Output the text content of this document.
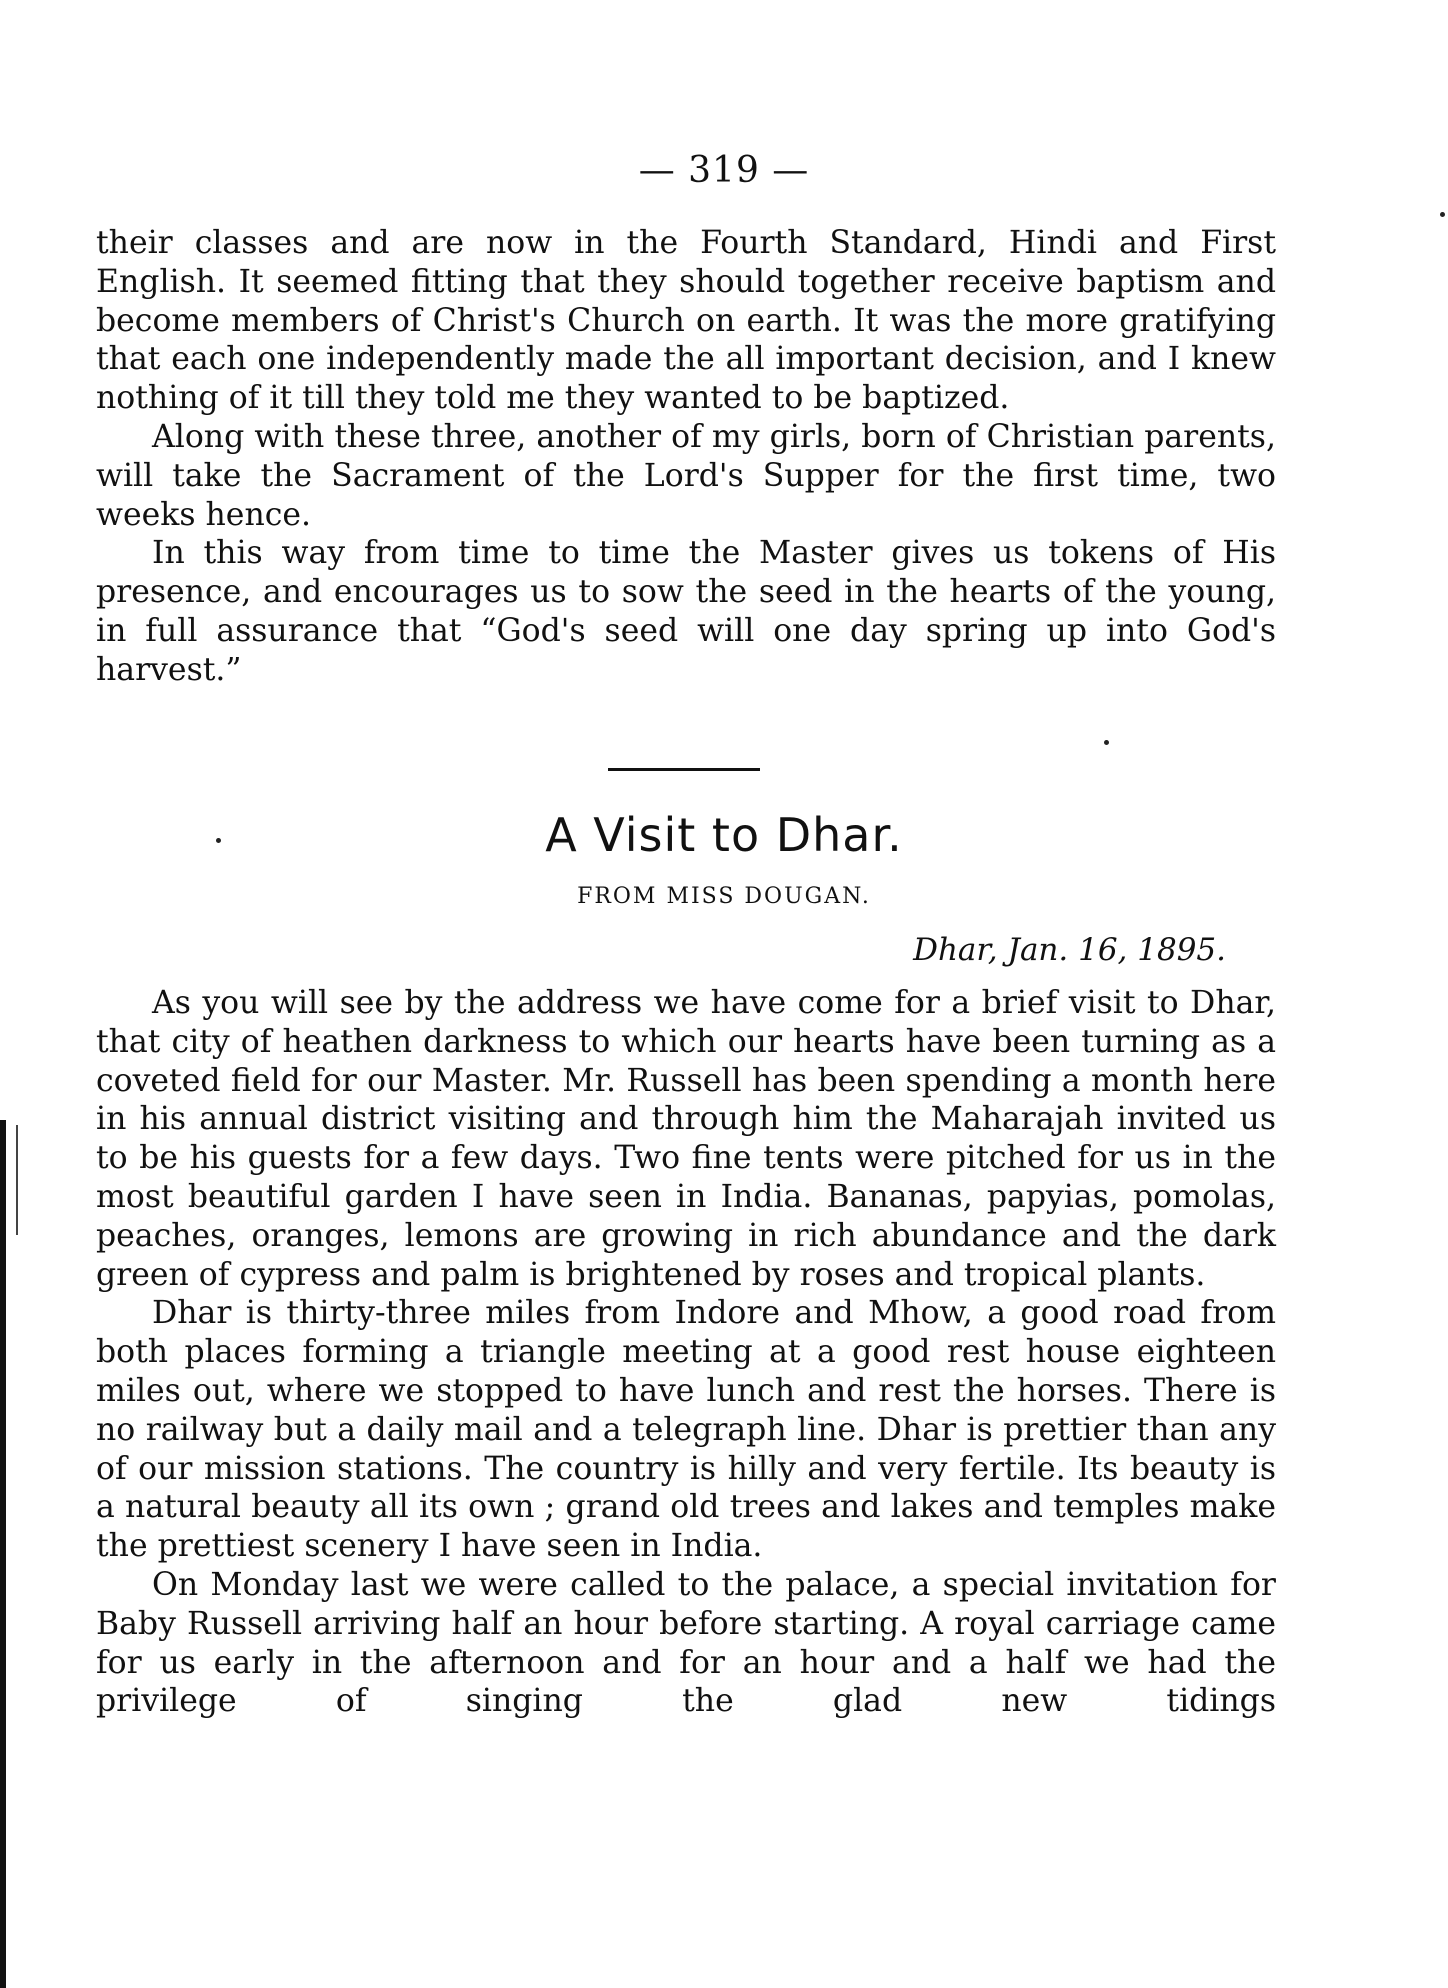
— 319 —

their classes and are now in the Fourth Standard, Hindi and First English. It seemed fitting that they should together receive baptism and become members of Christ's Church on earth. It was the more gratifying that each one independently made the all important decision, and I knew nothing of it till they told me they wanted to be baptized.

Along with these three, another of my girls, born of Christian parents, will take the Sacrament of the Lord's Supper for the first time, two weeks hence.

In this way from time to time the Master gives us tokens of His presence, and encourages us to sow the seed in the hearts of the young, in full assurance that “God's seed will one day spring up into God's harvest.”

A Visit to Dhar.
FROM MISS DOUGAN.
Dhar, Jan. 16, 1895.

As you will see by the address we have come for a brief visit to Dhar, that city of heathen darkness to which our hearts have been turning as a coveted field for our Master. Mr. Russell has been spending a month here in his annual district visiting and through him the Maharajah invited us to be his guests for a few days. Two fine tents were pitched for us in the most beautiful garden I have seen in India. Bananas, papyias, pomolas, peaches, oranges, lemons are growing in rich abundance and the dark green of cypress and palm is brightened by roses and tropical plants.

Dhar is thirty-three miles from Indore and Mhow, a good road from both places forming a triangle meeting at a good rest house eighteen miles out, where we stopped to have lunch and rest the horses. There is no railway but a daily mail and a telegraph line. Dhar is prettier than any of our mission stations. The country is hilly and very fertile. Its beauty is a natural beauty all its own ; grand old trees and lakes and temples make the prettiest scenery I have seen in India.

On Monday last we were called to the palace, a special invitation for Baby Russell arriving half an hour before starting. A royal carriage came for us early in the afternoon and for an hour and a half we had the privilege of singing the glad new tidings
